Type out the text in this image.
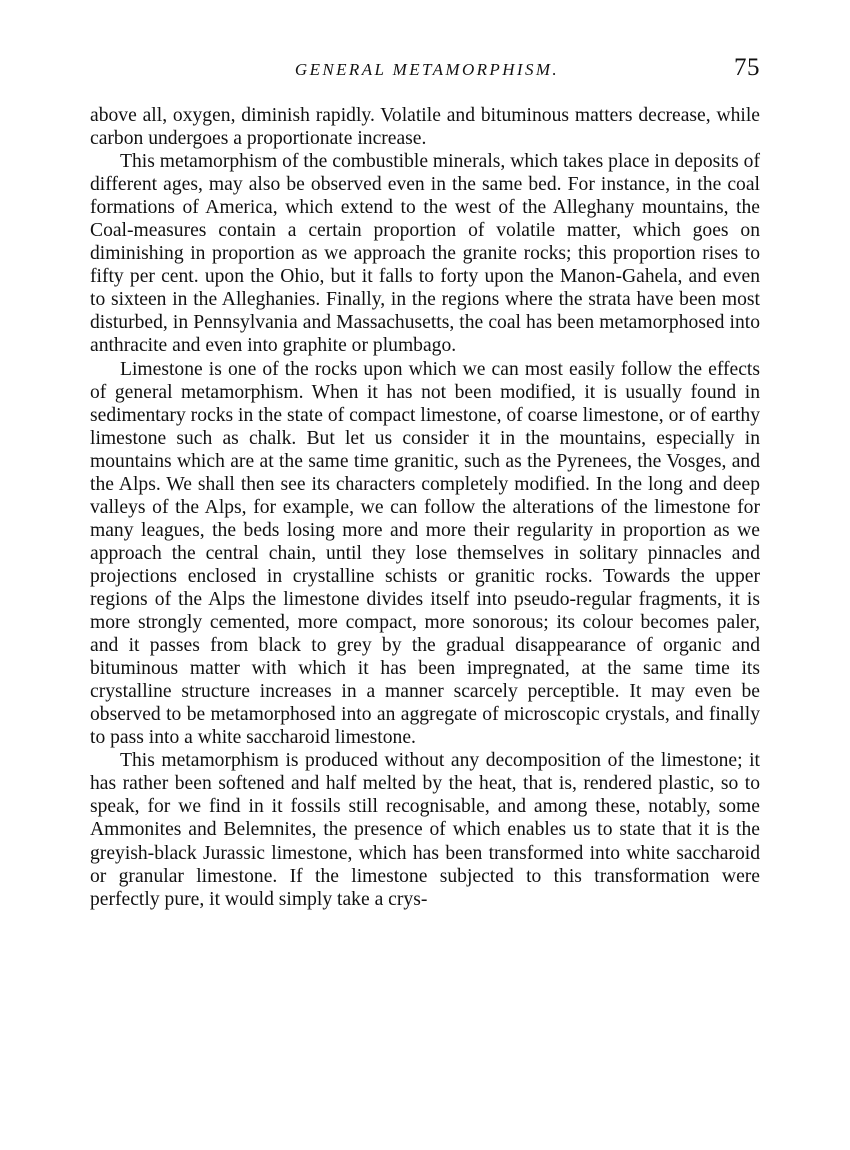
GENERAL METAMORPHISM.	75

above all, oxygen, diminish rapidly. Volatile and bituminous matters decrease, while carbon undergoes a proportionate increase.

This metamorphism of the combustible minerals, which takes place in deposits of different ages, may also be observed even in the same bed. For instance, in the coal formations of America, which extend to the west of the Alleghany mountains, the Coal-measures contain a certain proportion of volatile matter, which goes on diminishing in proportion as we approach the granite rocks; this proportion rises to fifty per cent. upon the Ohio, but it falls to forty upon the Manon-Gahela, and even to sixteen in the Alleghanies. Finally, in the regions where the strata have been most disturbed, in Pennsylvania and Massachusetts, the coal has been metamorphosed into anthracite and even into graphite or plumbago.

Limestone is one of the rocks upon which we can most easily follow the effects of general metamorphism. When it has not been modified, it is usually found in sedimentary rocks in the state of compact limestone, of coarse limestone, or of earthy limestone such as chalk. But let us consider it in the mountains, especially in mountains which are at the same time granitic, such as the Pyrenees, the Vosges, and the Alps. We shall then see its characters completely modified. In the long and deep valleys of the Alps, for example, we can follow the alterations of the limestone for many leagues, the beds losing more and more their regularity in proportion as we approach the central chain, until they lose themselves in solitary pinnacles and projections enclosed in crystalline schists or granitic rocks. Towards the upper regions of the Alps the limestone divides itself into pseudo-regular fragments, it is more strongly cemented, more compact, more sonorous; its colour becomes paler, and it passes from black to grey by the gradual disappearance of organic and bituminous matter with which it has been impregnated, at the same time its crystalline structure increases in a manner scarcely perceptible. It may even be observed to be metamorphosed into an aggregate of microscopic crystals, and finally to pass into a white saccharoid limestone.

This metamorphism is produced without any decomposition of the limestone; it has rather been softened and half melted by the heat, that is, rendered plastic, so to speak, for we find in it fossils still recognisable, and among these, notably, some Ammonites and Belemnites, the presence of which enables us to state that it is the greyish-black Jurassic limestone, which has been transformed into white saccharoid or granular limestone. If the limestone subjected to this transformation were perfectly pure, it would simply take a crys-
